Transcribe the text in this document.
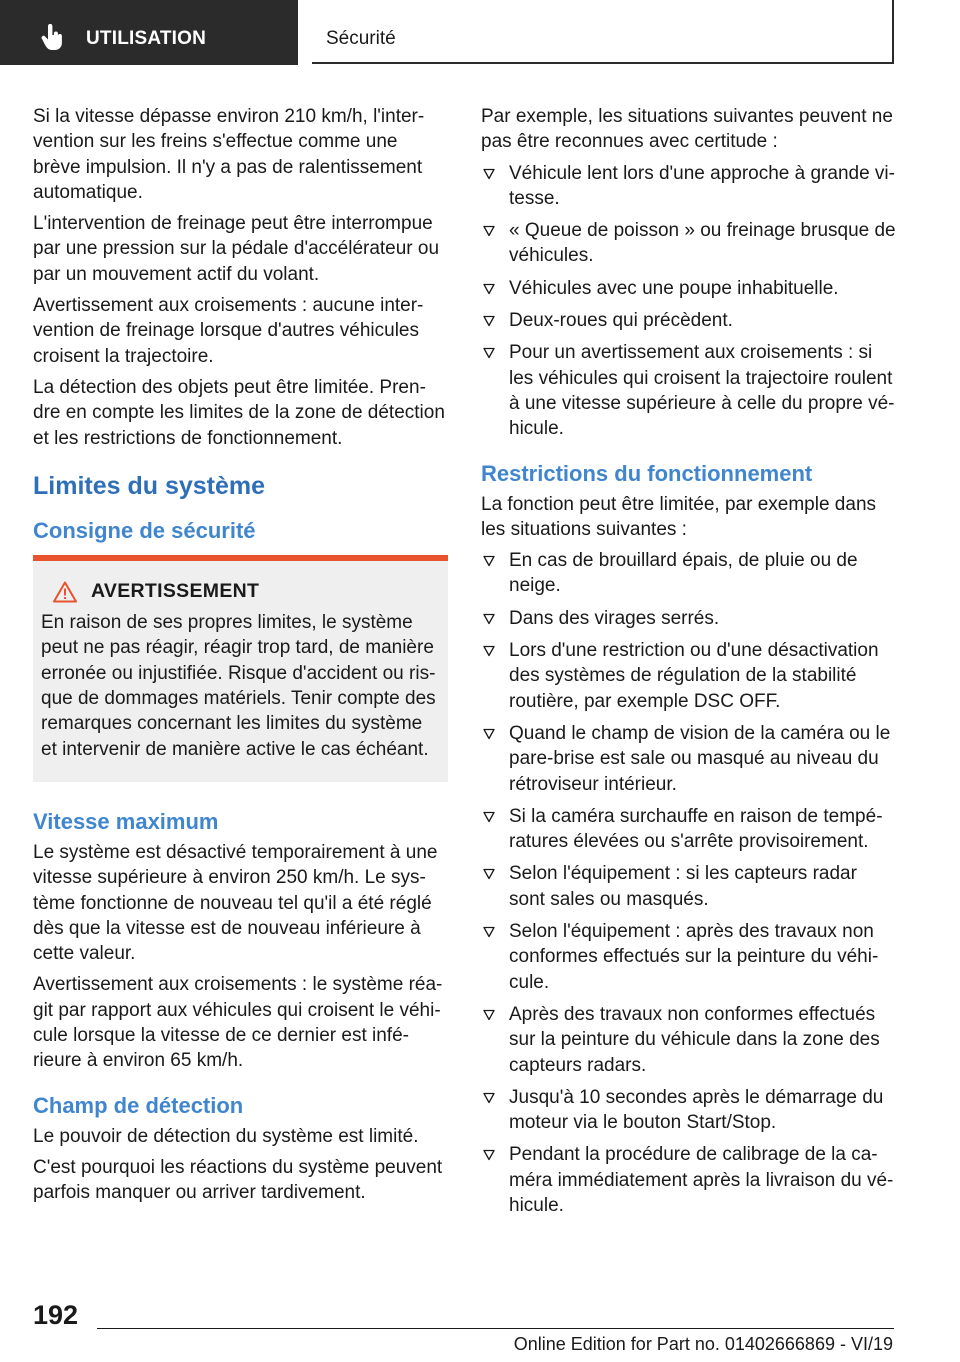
UTILISATION	Sécurité

Si la vitesse dépasse environ 210 km/h, l'inter‐ vention sur les freins s'effectue comme une brève impulsion. Il n'y a pas de ralentissement automatique.

L'intervention de freinage peut être interrompue par une pression sur la pédale d'accélérateur ou par un mouvement actif du volant.

Avertissement aux croisements : aucune inter‐ vention de freinage lorsque d'autres véhicules croisent la trajectoire.

La détection des objets peut être limitée. Pren‐ dre en compte les limites de la zone de détection et les restrictions de fonctionnement.

Limites du système
Consigne de sécurité
AVERTISSEMENT

En raison de ses propres limites, le système peut ne pas réagir, réagir trop tard, de manière erronée ou injustifiée. Risque d'accident ou ris‐ que de dommages matériels. Tenir compte des remarques concernant les limites du système et intervenir de manière active le cas échéant.

Vitesse maximum

Le système est désactivé temporairement à une vitesse supérieure à environ 250 km/h. Le sys‐ tème fonctionne de nouveau tel qu'il a été réglé dès que la vitesse est de nouveau inférieure à cette valeur.

Avertissement aux croisements : le système réa‐ git par rapport aux véhicules qui croisent le véhi‐ cule lorsque la vitesse de ce dernier est infé‐ rieure à environ 65 km/h.

Champ de détection

Le pouvoir de détection du système est limité.

C'est pourquoi les réactions du système peuvent parfois manquer ou arriver tardivement.

Par exemple, les situations suivantes peuvent ne pas être reconnues avec certitude :

Véhicule lent lors d'une approche à grande vi‐ tesse.
« Queue de poisson » ou freinage brusque de véhicules.
Véhicules avec une poupe inhabituelle.
Deux-roues qui précèdent.
Pour un avertissement aux croisements : si les véhicules qui croisent la trajectoire roulent à une vitesse supérieure à celle du propre vé‐ hicule.
Restrictions du fonctionnement

La fonction peut être limitée, par exemple dans les situations suivantes :

En cas de brouillard épais, de pluie ou de neige.
Dans des virages serrés.
Lors d'une restriction ou d'une désactivation des systèmes de régulation de la stabilité routière, par exemple DSC OFF.
Quand le champ de vision de la caméra ou le pare-brise est sale ou masqué au niveau du rétroviseur intérieur.
Si la caméra surchauffe en raison de tempé‐ ratures élevées ou s'arrête provisoirement.
Selon l'équipement : si les capteurs radar sont sales ou masqués.
Selon l'équipement : après des travaux non conformes effectués sur la peinture du véhi‐ cule.
Après des travaux non conformes effectués sur la peinture du véhicule dans la zone des capteurs radars.
Jusqu'à 10 secondes après le démarrage du moteur via le bouton Start/Stop.
Pendant la procédure de calibrage de la ca‐ méra immédiatement après la livraison du vé‐ hicule.
192
Online Edition for Part no. 01402666869 - VI/19
